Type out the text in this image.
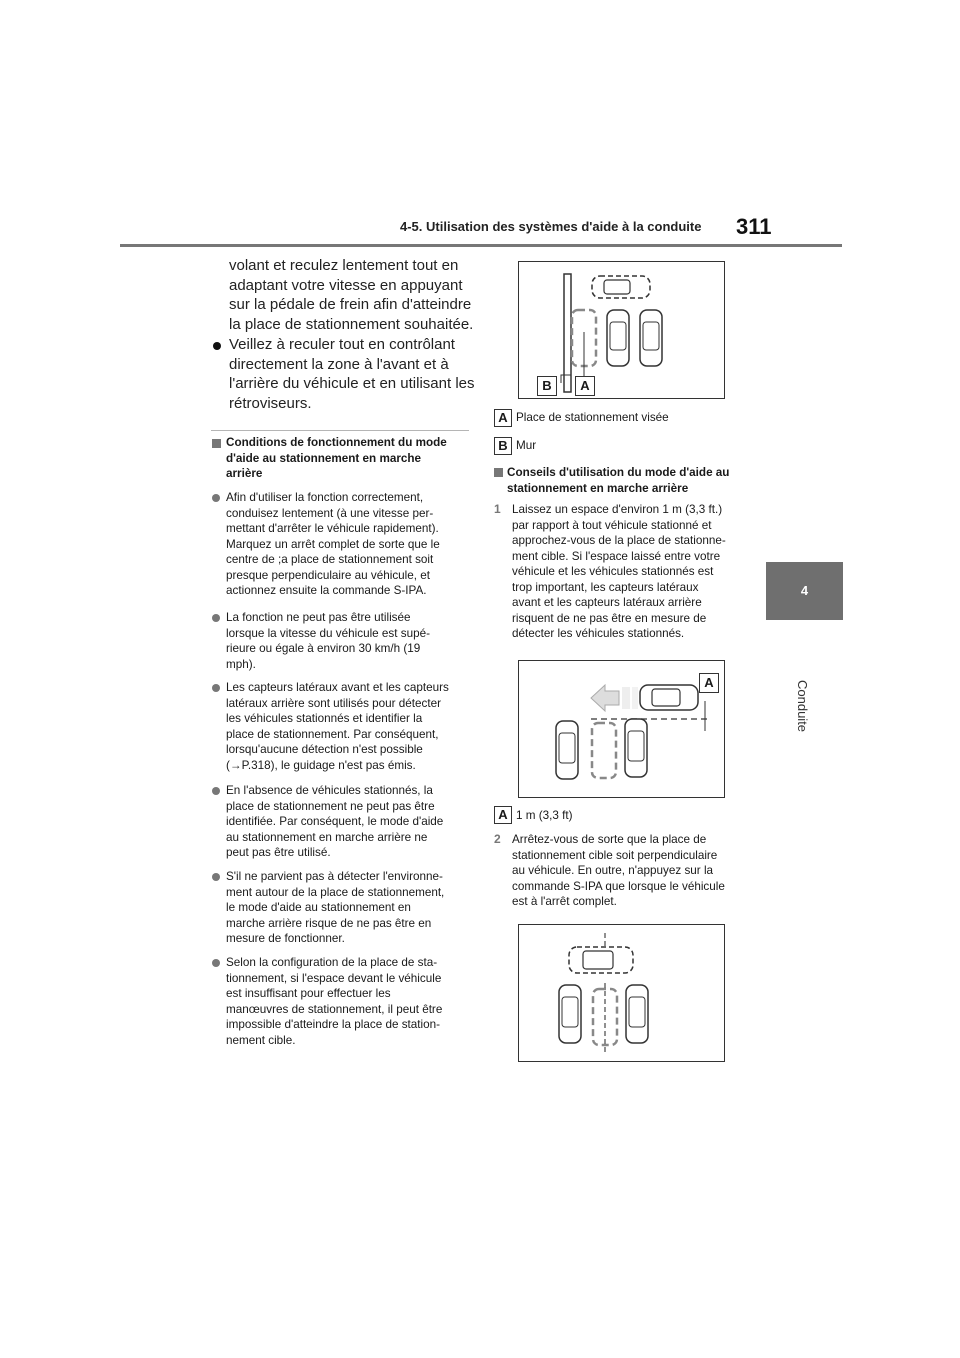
4-5. Utilisation des systèmes d'aide à la conduite 311
4
Conduite
volant et reculez lentement tout en
adaptant votre vitesse en appuyant
sur la pédale de frein afin d'atteindre
la place de stationnement souhaitée.
Veillez à reculer tout en contrôlant
directement la zone à l'avant et à
l'arrière du véhicule et en utilisant les
rétroviseurs.
Conditions de fonctionnement du mode
d'aide au stationnement en marche
arrière
Afin d'utiliser la fonction correctement,
conduisez lentement (à une vitesse per-
mettant d'arrêter le véhicule rapidement).
Marquez un arrêt complet de sorte que le
centre de ;a place de stationnement soit
presque perpendiculaire au véhicule, et
actionnez ensuite la commande S-IPA.
La fonction ne peut pas être utilisée
lorsque la vitesse du véhicule est supé-
rieure ou égale à environ 30 km/h (19
mph).
Les capteurs latéraux avant et les capteurs
latéraux arrière sont utilisés pour détecter
les véhicules stationnés et identifier la
place de stationnement. Par conséquent,
lorsqu'aucune détection n'est possible
(→P.318), le guidage n'est pas émis.
En l'absence de véhicules stationnés, la
place de stationnement ne peut pas être
identifiée. Par conséquent, le mode d'aide
au stationnement en marche arrière ne
peut pas être utilisé.
S'il ne parvient pas à détecter l'environne-
ment autour de la place de stationnement,
le mode d'aide au stationnement en
marche arrière risque de ne pas être en
mesure de fonctionner.
Selon la configuration de la place de sta-
tionnement, si l'espace devant le véhicule
est insuffisant pour effectuer les
manœuvres de stationnement, il peut être
impossible d'atteindre la place de station-
nement cible.
B	A
A Place de stationnement visée
B Mur
Conseils d'utilisation du mode d'aide au
stationnement en marche arrière
1 Laissez un espace d'environ 1 m (3,3 ft.)
par rapport à tout véhicule stationné et
approchez-vous de la place de stationne-
ment cible. Si l'espace laissé entre votre
véhicule et les véhicules stationnés est
trop important, les capteurs latéraux
avant et les capteurs latéraux arrière
risquent de ne pas être en mesure de
détecter les véhicules stationnés.
A
A 1 m (3,3 ft)
2 Arrêtez-vous de sorte que la place de
stationnement cible soit perpendiculaire
au véhicule. En outre, n'appuyez sur la
commande S-IPA que lorsque le véhicule
est à l'arrêt complet.
